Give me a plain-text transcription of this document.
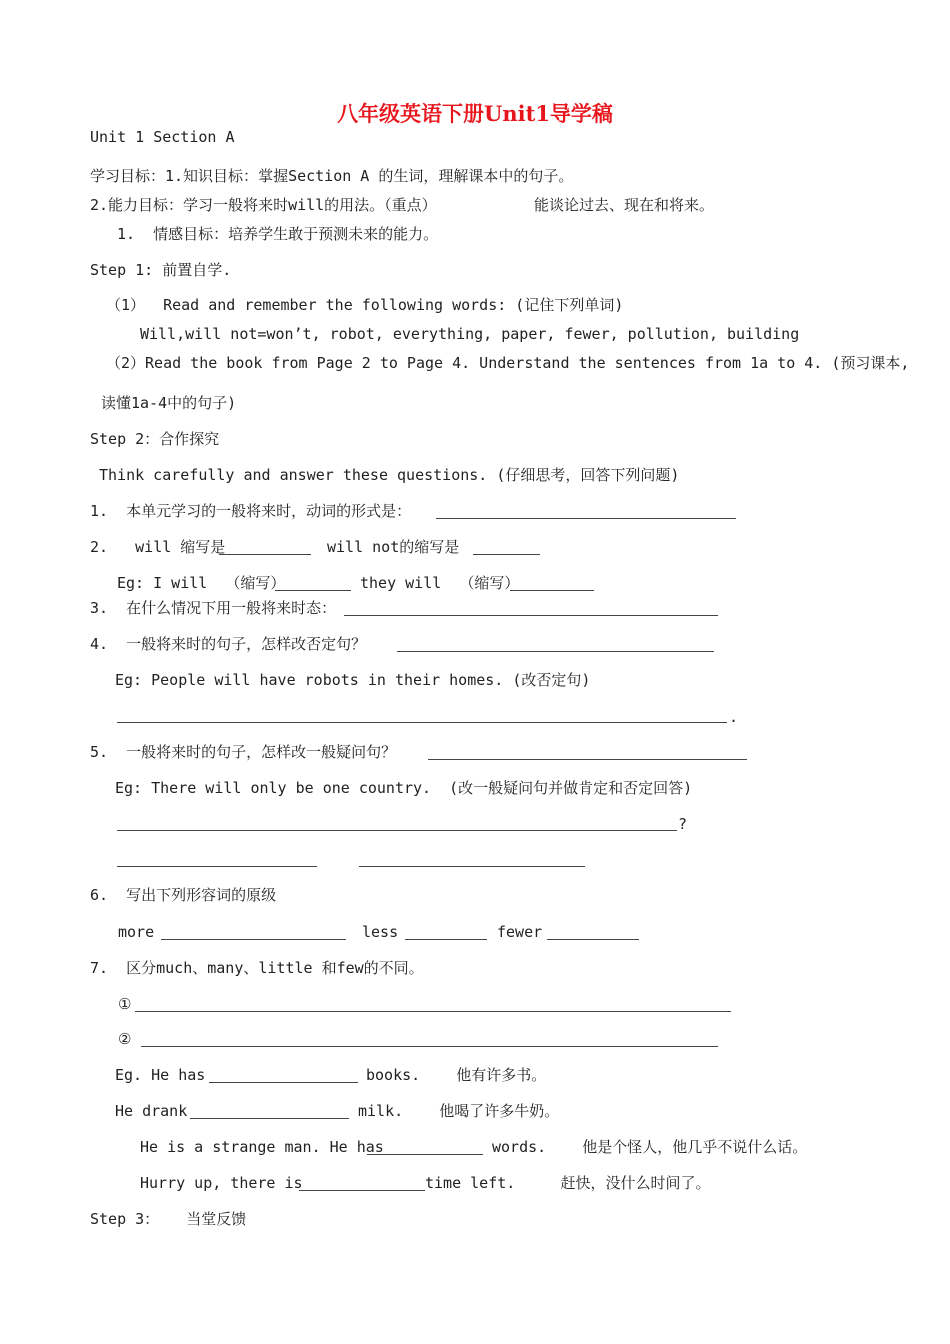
八年级英语下册Unit1导学稿
Unit 1 Section A
学习目标：1.知识目标：掌握Section A 的生词，理解课本中的句子。
2.能力目标：学习一般将来时will的用法。（重点）	能谈论过去、现在和将来。
1.  情感目标：培养学生敢于预测未来的能力。
Step 1: 前置自学.
（1）  Read and remember the following words: (记住下列单词)
Will,will not=won’t, robot, everything, paper, fewer, pollution, building
（2）Read the book from Page 2 to Page 4. Understand the sentences from 1a to 4. (预习课本,
读懂1a-4中的句子)
Step 2：合作探究
Think carefully and answer these questions. (仔细思考，回答下列问题)
1.  本单元学习的一般将来时，动词的形式是：
2.   will 缩写是	will not的缩写是
Eg: I will  （缩写）	they will  （缩写）
3.  在什么情况下用一般将来时态：
4.  一般将来时的句子，怎样改否定句？
Eg: People will have robots in their homes. (改否定句)
.
5.  一般将来时的句子，怎样改一般疑问句？
Eg: There will only be one country.  (改一般疑问句并做肯定和否定回答)
?
6.  写出下列形容词的原级
more	less	fewer
7.  区分much、many、little 和few的不同。
①
②
Eg. He has	books.    他有许多书。
He drank	milk.    他喝了许多牛奶。
He is a strange man. He has	words.    他是个怪人，他几乎不说什么话。
Hurry up, there is	time left.     赶快，没什么时间了。
Step 3：   当堂反馈
